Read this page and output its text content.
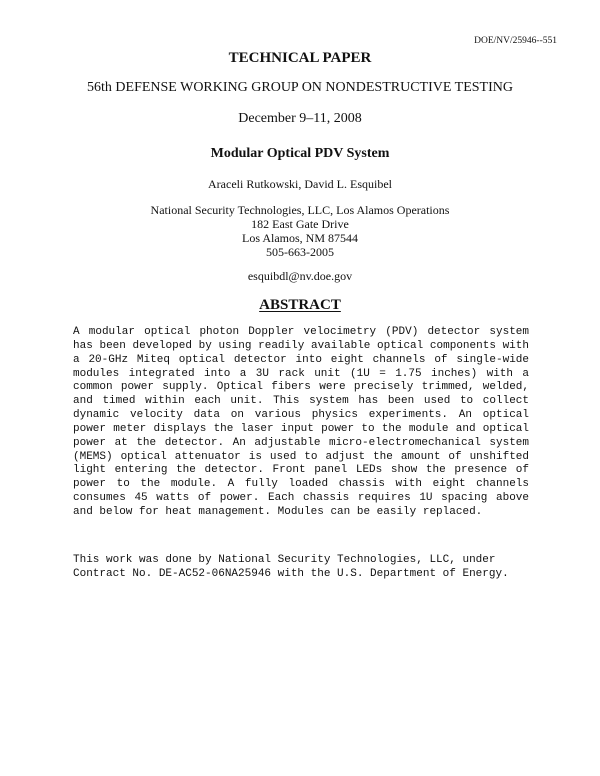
DOE/NV/25946--551
TECHNICAL PAPER
56th DEFENSE WORKING GROUP ON NONDESTRUCTIVE TESTING
December 9–11, 2008
Modular Optical PDV System
Araceli Rutkowski, David L. Esquibel
National Security Technologies, LLC, Los Alamos Operations
182 East Gate Drive
Los Alamos, NM 87544
505-663-2005
esquibdl@nv.doe.gov
ABSTRACT

A modular optical photon Doppler velocimetry (PDV) detector system has been developed by using readily available optical components with a 20-GHz Miteq optical detector into eight channels of single-wide modules integrated into a 3U rack unit (1U = 1.75 inches) with a common power supply. Optical fibers were precisely trimmed, welded, and timed within each unit. This system has been used to collect dynamic velocity data on various physics experiments. An optical power meter displays the laser input power to the module and optical power at the detector. An adjustable micro-electromechanical system (MEMS) optical attenuator is used to adjust the amount of unshifted light entering the detector. Front panel LEDs show the presence of power to the module. A fully loaded chassis with eight channels consumes 45 watts of power. Each chassis requires 1U spacing above and below for heat management. Modules can be easily replaced.

This work was done by National Security Technologies, LLC, under Contract No. DE-AC52-06NA25946 with the U.S. Department of Energy.
